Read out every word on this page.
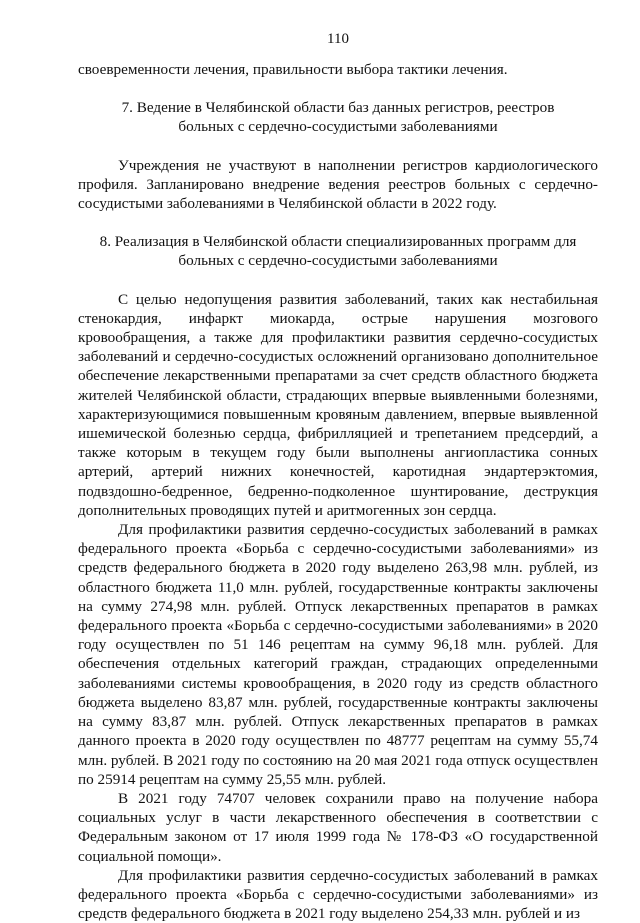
110

своевременности лечения, правильности выбора тактики лечения.

7. Ведение в Челябинской области баз данных регистров, реестров больных с сердечно-сосудистыми заболеваниями

Учреждения не участвуют в наполнении регистров кардиологического профиля. Запланировано внедрение ведения реестров больных с сердечно-сосудистыми заболеваниями в Челябинской области в 2022 году.

8. Реализация в Челябинской области специализированных программ для больных с сердечно-сосудистыми заболеваниями

С целью недопущения развития заболеваний, таких как нестабильная стенокардия, инфаркт миокарда, острые нарушения мозгового кровообращения, а также для профилактики развития сердечно-сосудистых заболеваний и сердечно-сосудистых осложнений организовано дополнительное обеспечение лекарственными препаратами за счет средств областного бюджета жителей Челябинской области, страдающих впервые выявленными болезнями, характеризующимися повышенным кровяным давлением, впервые выявленной ишемической болезнью сердца, фибрилляцией и трепетанием предсердий, а также которым в текущем году были выполнены ангиопластика сонных артерий, артерий нижних конечностей, каротидная эндартерэктомия, подвздошно-бедренное, бедренно-подколенное шунтирование, деструкция дополнительных проводящих путей и аритмогенных зон сердца.

Для профилактики развития сердечно-сосудистых заболеваний в рамках федерального проекта «Борьба с сердечно-сосудистыми заболеваниями» из средств федерального бюджета в 2020 году выделено 263,98 млн. рублей, из областного бюджета 11,0 млн. рублей, государственные контракты заключены на сумму 274,98 млн. рублей. Отпуск лекарственных препаратов в рамках федерального проекта «Борьба с сердечно-сосудистыми заболеваниями» в 2020 году осуществлен по 51 146 рецептам на сумму 96,18 млн. рублей. Для обеспечения отдельных категорий граждан, страдающих определенными заболеваниями системы кровообращения, в 2020 году из средств областного бюджета выделено 83,87 млн. рублей, государственные контракты заключены на сумму 83,87 млн. рублей. Отпуск лекарственных препаратов в рамках данного проекта в 2020 году осуществлен по 48777 рецептам на сумму 55,74 млн. рублей. В 2021 году по состоянию на 20 мая 2021 года отпуск осуществлен по 25914 рецептам на сумму 25,55 млн. рублей.

В 2021 году 74707 человек сохранили право на получение набора социальных услуг в части лекарственного обеспечения в соответствии с Федеральным законом от 17 июля 1999 года № 178-ФЗ «О государственной социальной помощи».

Для профилактики развития сердечно-сосудистых заболеваний в рамках федерального проекта «Борьба с сердечно-сосудистыми заболеваниями» из средств федерального бюджета в 2021 году выделено 254,33 млн. рублей и из
